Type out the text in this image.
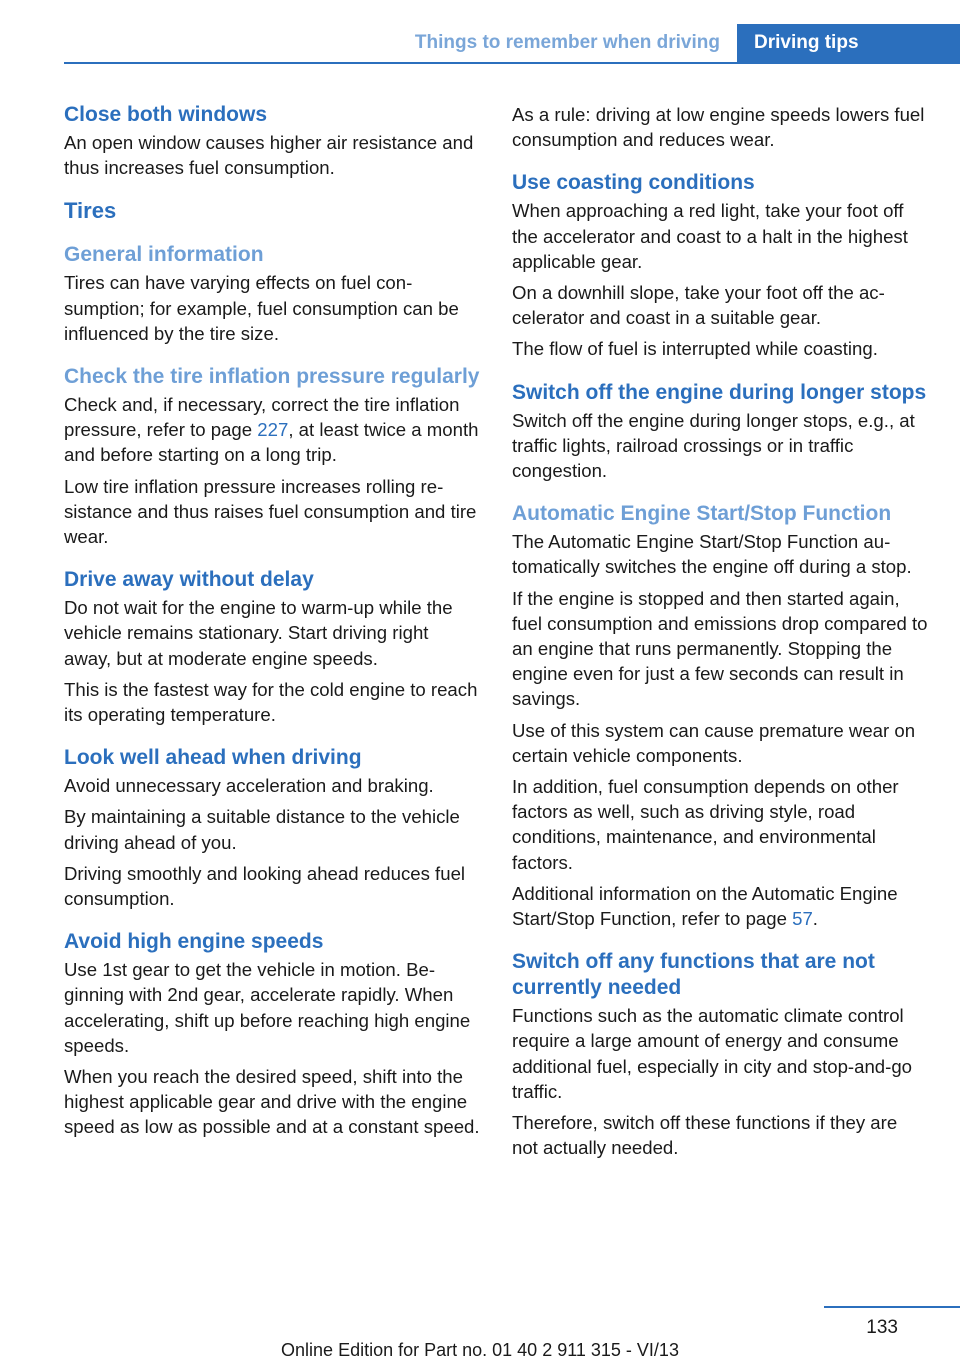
Things to remember when driving	Driving tips
Close both windows

An open window causes higher air resistance and thus increases fuel consumption.

Tires
General information

Tires can have varying effects on fuel consumption; for example, fuel consumption can be influenced by the tire size.

Check the tire inflation pressure regularly

Check and, if necessary, correct the tire inflation pressure, refer to page 227, at least twice a month and before starting on a long trip.

Low tire inflation pressure increases rolling resistance and thus raises fuel consumption and tire wear.

Drive away without delay

Do not wait for the engine to warm-up while the vehicle remains stationary. Start driving right away, but at moderate engine speeds.

This is the fastest way for the cold engine to reach its operating temperature.

Look well ahead when driving

Avoid unnecessary acceleration and braking.

By maintaining a suitable distance to the vehicle driving ahead of you.

Driving smoothly and looking ahead reduces fuel consumption.

Avoid high engine speeds

Use 1st gear to get the vehicle in motion. Beginning with 2nd gear, accelerate rapidly. When accelerating, shift up before reaching high engine speeds.

When you reach the desired speed, shift into the highest applicable gear and drive with the engine speed as low as possible and at a constant speed.

As a rule: driving at low engine speeds lowers fuel consumption and reduces wear.

Use coasting conditions

When approaching a red light, take your foot off the accelerator and coast to a halt in the highest applicable gear.

On a downhill slope, take your foot off the accelerator and coast in a suitable gear.

The flow of fuel is interrupted while coasting.

Switch off the engine during longer stops

Switch off the engine during longer stops, e.g., at traffic lights, railroad crossings or in traffic congestion.

Automatic Engine Start/Stop Function

The Automatic Engine Start/Stop Function automatically switches the engine off during a stop.

If the engine is stopped and then started again, fuel consumption and emissions drop compared to an engine that runs permanently. Stopping the engine even for just a few seconds can result in savings.

Use of this system can cause premature wear on certain vehicle components.

In addition, fuel consumption depends on other factors as well, such as driving style, road conditions, maintenance, and environmental factors.

Additional information on the Automatic Engine Start/Stop Function, refer to page 57.

Switch off any functions that are not currently needed

Functions such as the automatic climate control require a large amount of energy and consume additional fuel, especially in city and stop-and-go traffic.

Therefore, switch off these functions if they are not actually needed.

133
Online Edition for Part no. 01 40 2 911 315 - VI/13
